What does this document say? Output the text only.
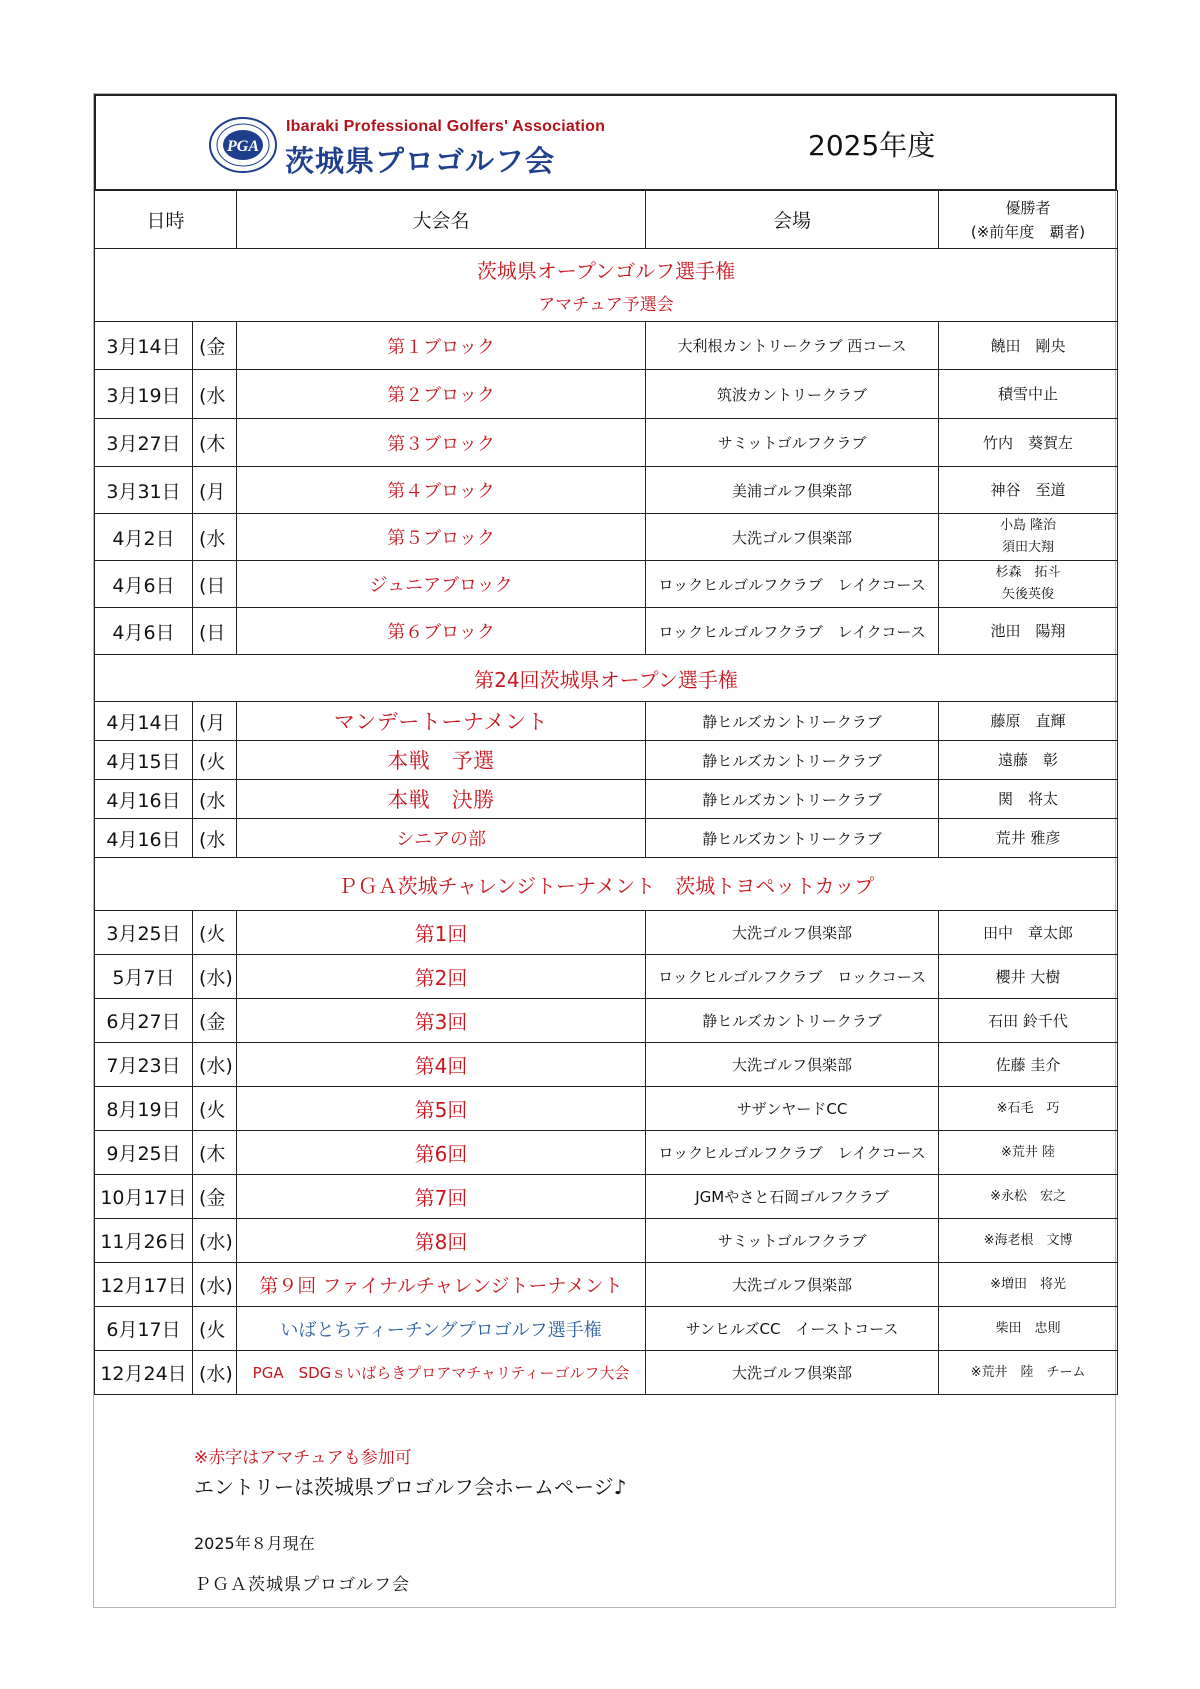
PGA
Ibaraki Professional Golfers' Association
茨城県プロゴルフ会	2025年度
日時		大会名	会場	優勝者
(※前年度　覇者)

茨城県オープンゴルフ選手権
アマチュア予選会				

3月14日	(金	第１ブロック	大利根カントリークラブ 西コース	饒田　剛央
3月19日	(水	第２ブロック	筑波カントリークラブ	積雪中止
3月27日	(木	第３ブロック	サミットゴルフクラブ	竹内　葵賀左
3月31日	(月	第４ブロック	美浦ゴルフ倶楽部	神谷　至道
4月2日	(水	第５ブロック	大洗ゴルフ倶楽部	小島 隆治
須田大翔

4月6日	(日	ジュニアブロック	ロックヒルゴルフクラブ　レイクコース	杉森　拓斗
矢後英俊

4月6日	(日	第６ブロック	ロックヒルゴルフクラブ　レイクコース	池田　陽翔
第24回茨城県オープン選手権				
4月14日	(月	マンデートーナメント	静ヒルズカントリークラブ	藤原　直輝
4月15日	(火	本戦　予選	静ヒルズカントリークラブ	遠藤　彰
4月16日	(水	本戦　決勝	静ヒルズカントリークラブ	関　将太
4月16日	(水	シニアの部	静ヒルズカントリークラブ	荒井 雅彦
ＰＧＡ茨城チャレンジトーナメント　茨城トヨペットカップ				
3月25日	(火	第1回	大洗ゴルフ倶楽部	田中　章太郎
5月7日	(水)	第2回	ロックヒルゴルフクラブ　ロックコース	櫻井 大樹
6月27日	(金	第3回	静ヒルズカントリークラブ	石田 鈴千代
7月23日	(水)	第4回	大洗ゴルフ倶楽部	佐藤 圭介
8月19日	(火	第5回	サザンヤードCC	※石毛　巧
9月25日	(木	第6回	ロックヒルゴルフクラブ　レイクコース	※荒井 陸
10月17日	(金	第7回	JGMやさと石岡ゴルフクラブ	※永松　宏之
11月26日	(水)	第8回	サミットゴルフクラブ	※海老根　文博
12月17日	(水)	第９回 ファイナルチャレンジトーナメント	大洗ゴルフ倶楽部	※増田　将光
6月17日	(火	いばとちティーチングプロゴルフ選手権	サンヒルズCC　イーストコース	柴田　忠則
12月24日	(水)	PGA　SDGｓいばらきプロアマチャリティーゴルフ大会	大洗ゴルフ倶楽部	※荒井　陸　チーム
※赤字はアマチュアも参加可
エントリーは茨城県プロゴルフ会ホームページ♪
2025年８月現在
ＰＧＡ茨城県プロゴルフ会
